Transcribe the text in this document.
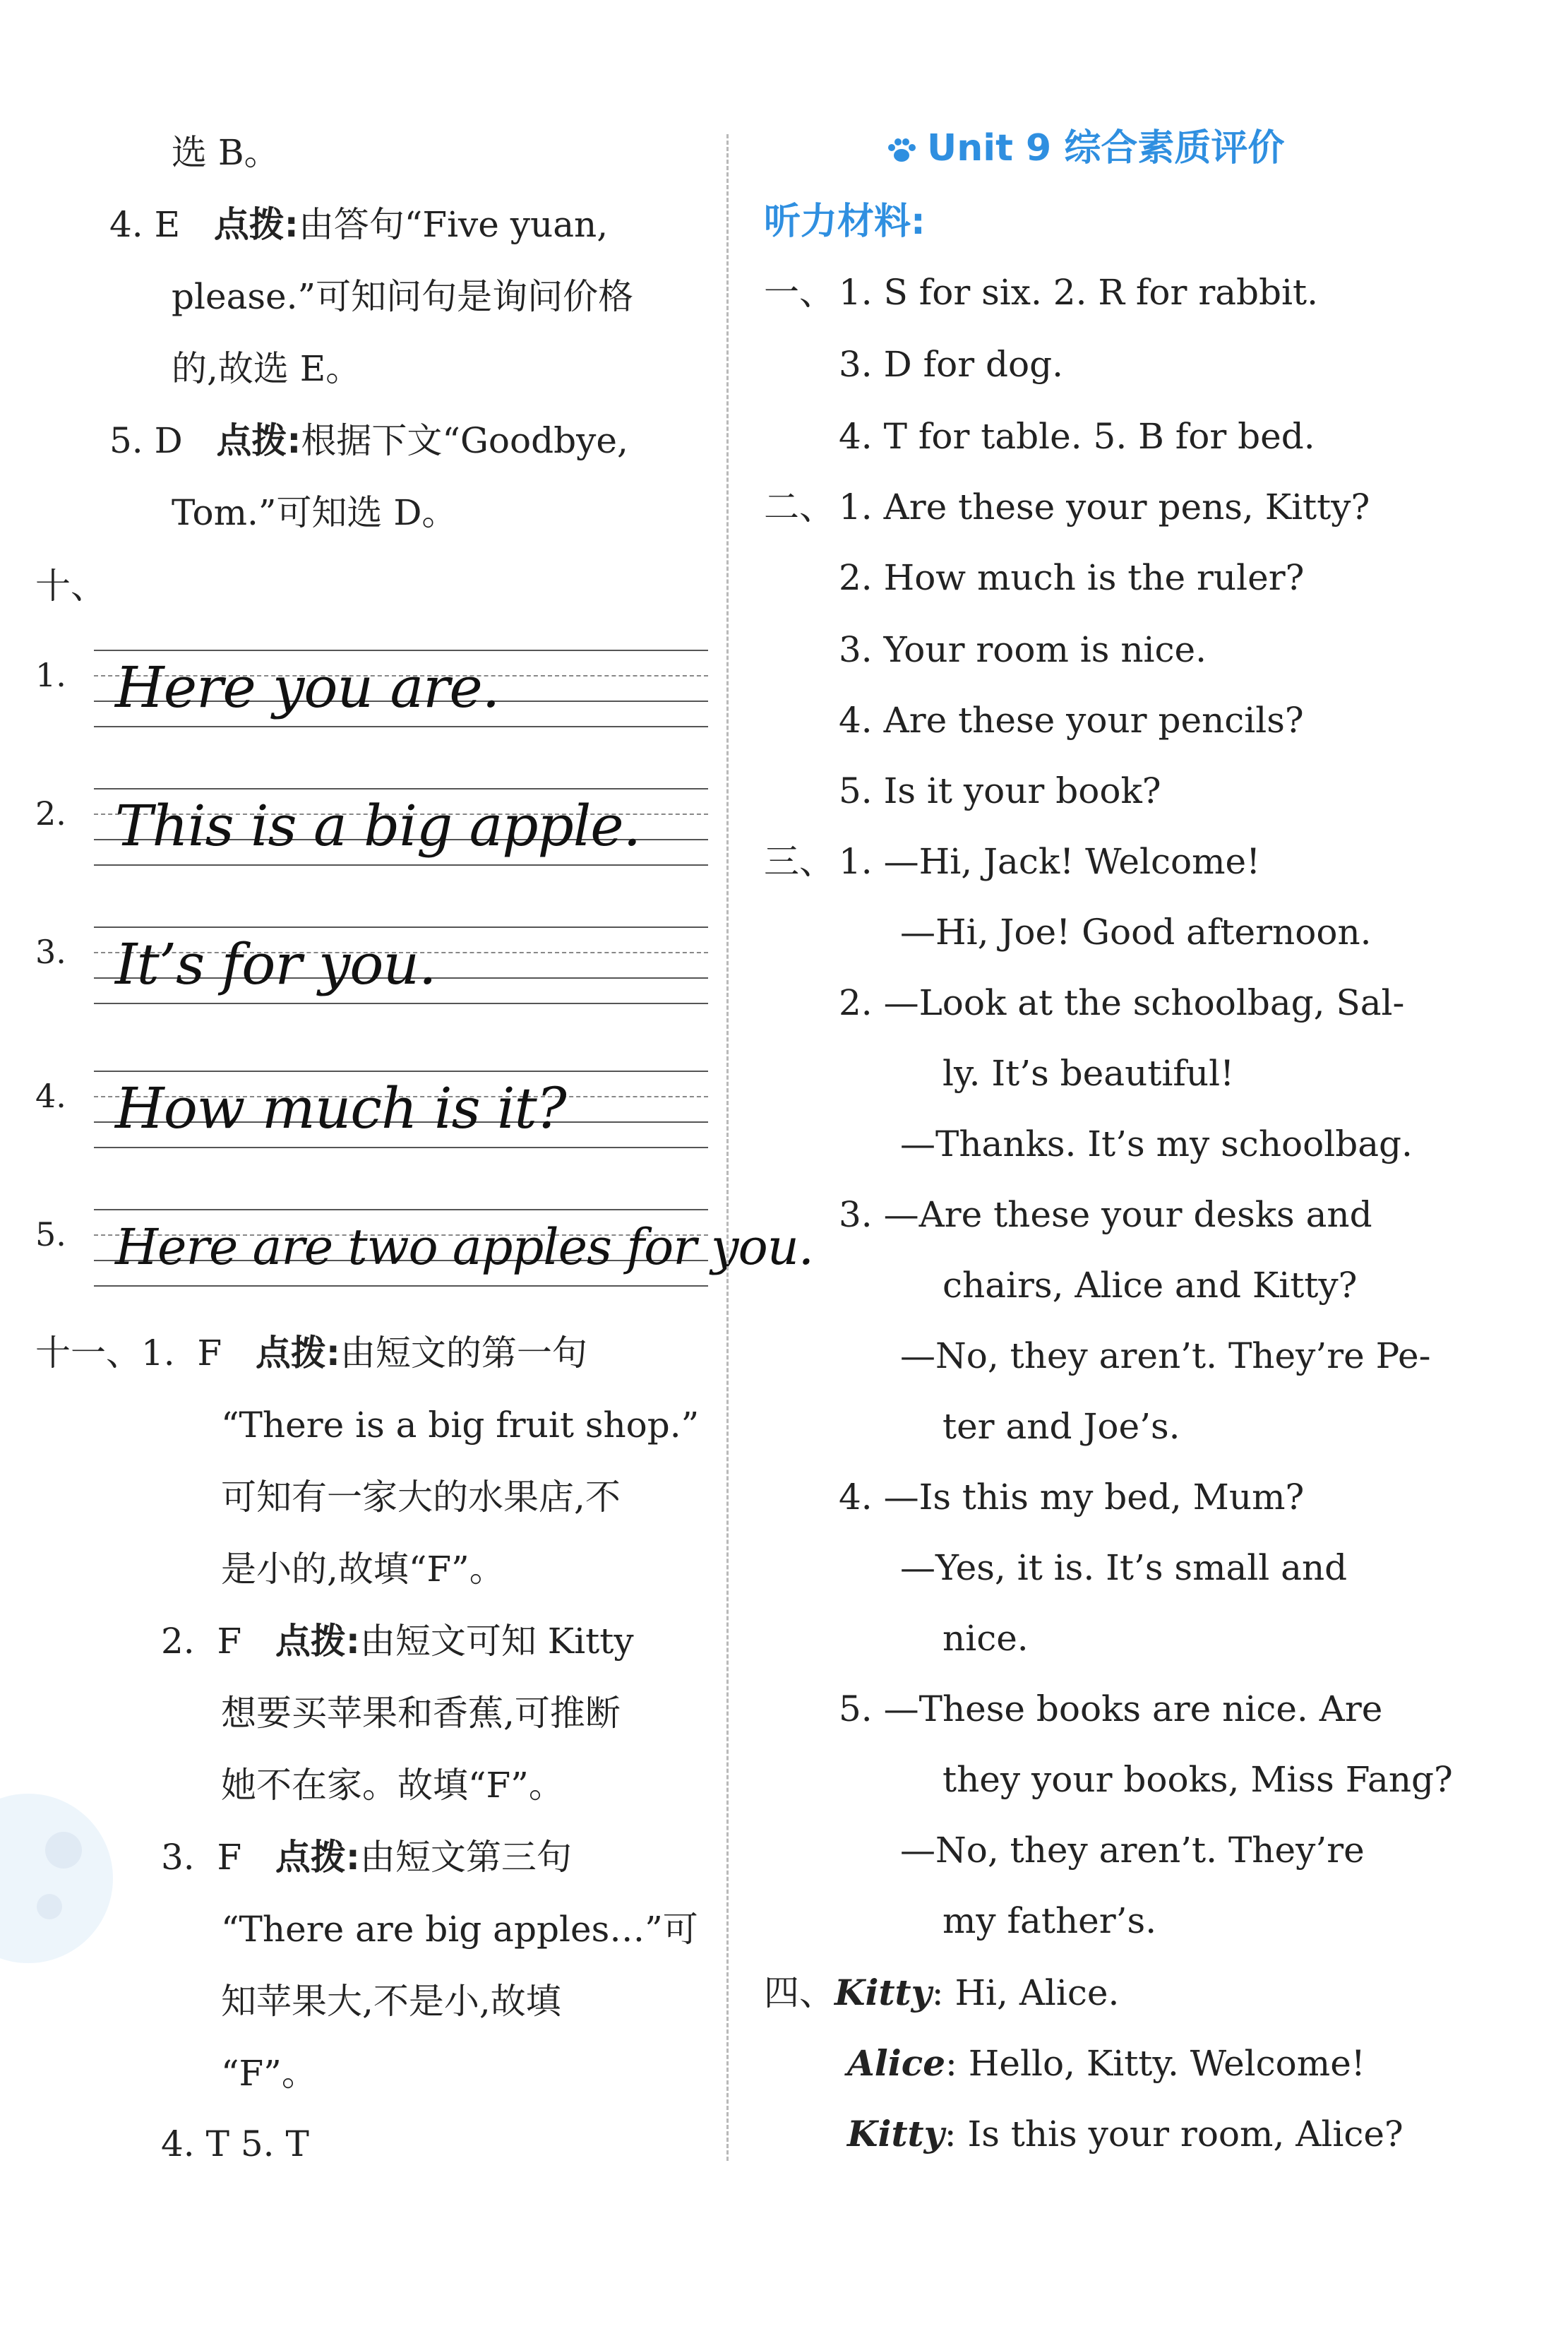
选 B。
4. E 点拨:由答句“Five yuan,
please.”可知问句是询问价格
的,故选 E。
5. D 点拨:根据下文“Goodbye,
Tom.”可知选 D。
十、
1. Here you are.
2. This is a big apple.
3. It’s for you.
4. How much is it?
5. Here are two apples for you.
十一、1. F 点拨:由短文的第一句
“There is a big fruit shop.”
可知有一家大的水果店,不
是小的,故填“F”。
2. F 点拨:由短文可知 Kitty
想要买苹果和香蕉,可推断
她不在家。故填“F”。
3. F 点拨:由短文第三句
“There are big apples…”可
知苹果大,不是小,故填
“F”。
4. T 5. T
Unit 9 综合素质评价
听力材料:
一、 1. S for six. 2. R for rabbit.
3. D for dog.
4. T for table. 5. B for bed.
二、 1. Are these your pens, Kitty?
2. How much is the ruler?
3. Your room is nice.
4. Are these your pencils?
5. Is it your book?
三、 1. —Hi, Jack! Welcome!
—Hi, Joe! Good afternoon.
2. —Look at the schoolbag, Sal-
ly. It’s beautiful!
—Thanks. It’s my schoolbag.
3. —Are these your desks and
chairs, Alice and Kitty?
—No, they aren’t. They’re Pe-
ter and Joe’s.
4. —Is this my bed, Mum?
—Yes, it is. It’s small and
nice.
5. —These books are nice. Are
they your books, Miss Fang?
—No, they aren’t. They’re
my father’s.
四、Kitty: Hi, Alice.
Alice: Hello, Kitty. Welcome!
Kitty: Is this your room, Alice?
